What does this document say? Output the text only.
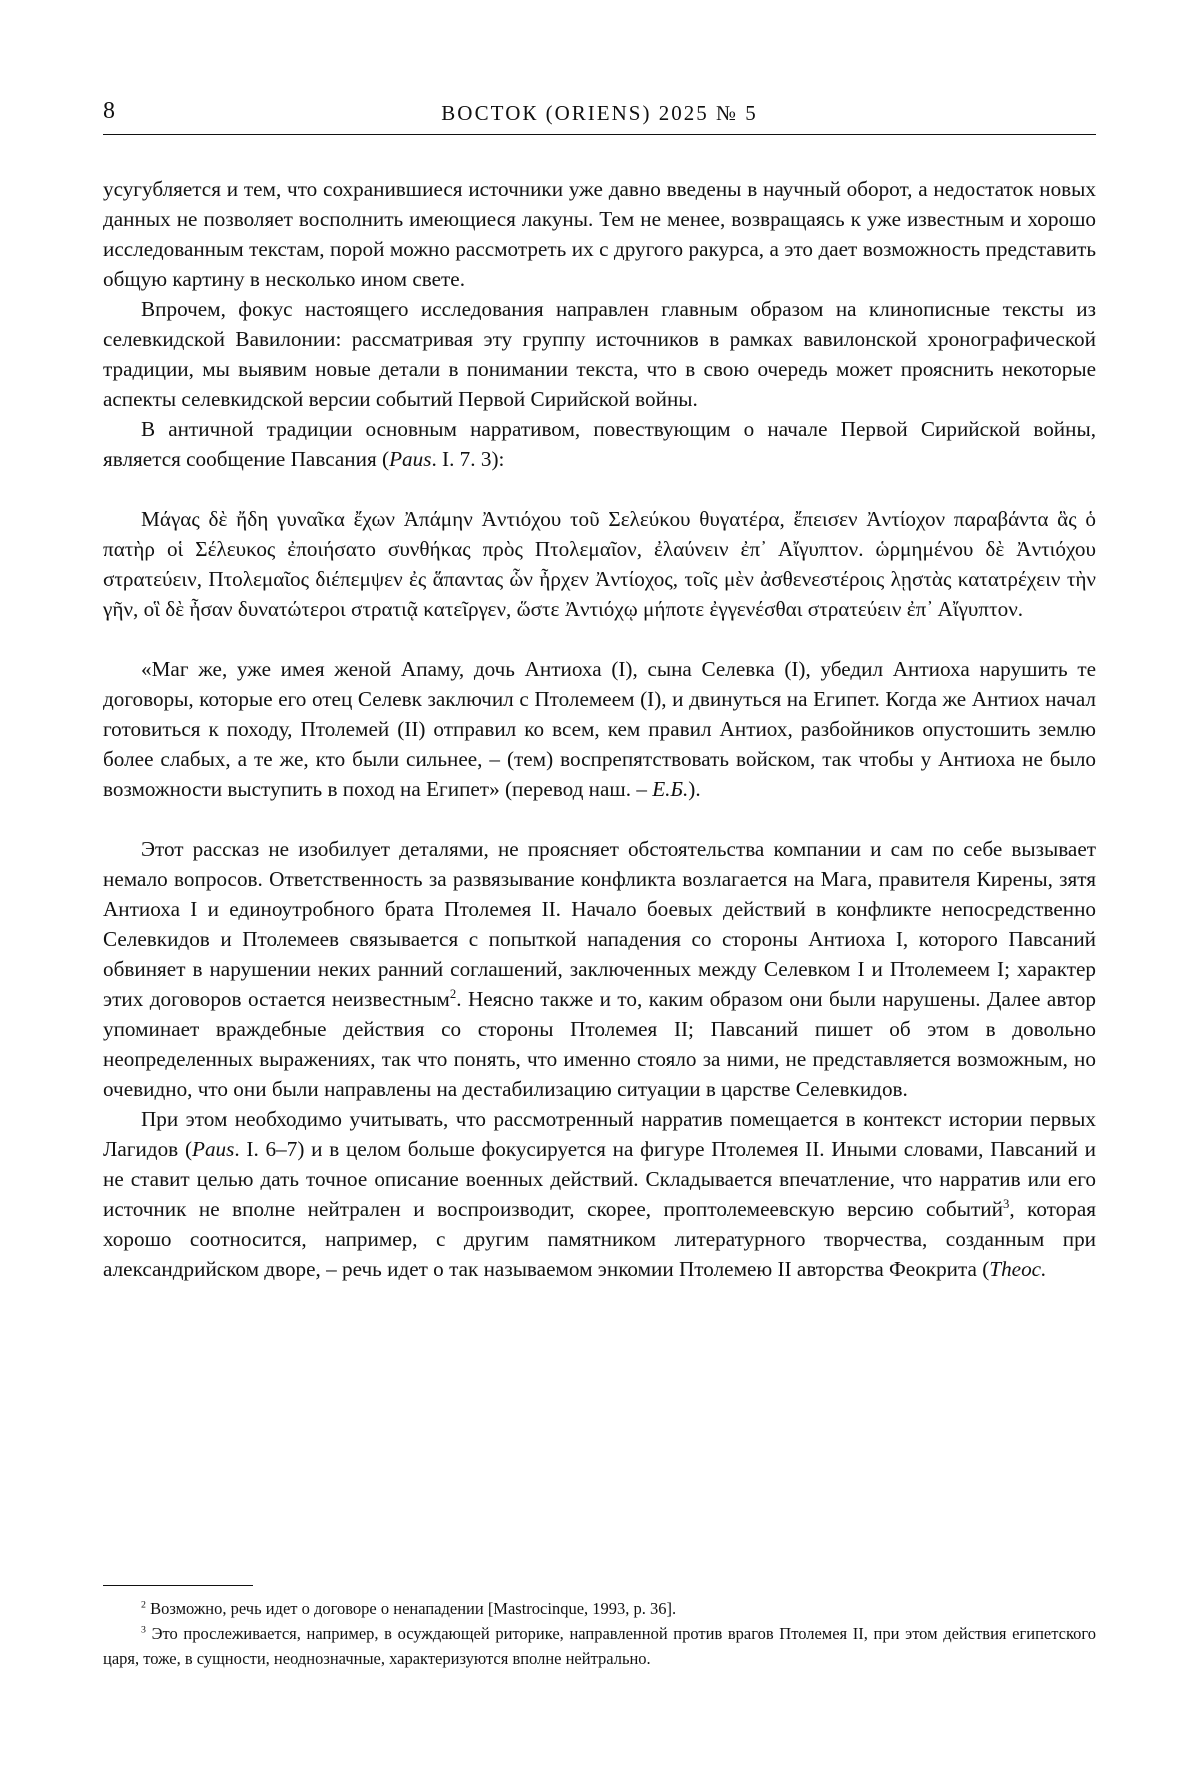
8	ВОСТОК (ORIENS) 2025 № 5

усугубляется и тем, что сохранившиеся источники уже давно введены в научный оборот, а недостаток новых данных не позволяет восполнить имеющиеся лакуны. Тем не менее, возвращаясь к уже известным и хорошо исследованным текстам, порой можно рассмотреть их с другого ракурса, а это дает возможность представить общую картину в несколько ином свете.

Впрочем, фокус настоящего исследования направлен главным образом на клинописные тексты из селевкидской Вавилонии: рассматривая эту группу источников в рамках вавилонской хронографической традиции, мы выявим новые детали в понимании текста, что в свою очередь может прояснить некоторые аспекты селевкидской версии событий Первой Сирийской войны.

В античной традиции основным нарративом, повествующим о начале Первой Сирийской войны, является сообщение Павсания (Paus. I. 7. 3):

Μάγας δὲ ἤδη γυναῖκα ἔχων Ἀπάμην Ἀντιόχου τοῦ Σελεύκου θυγατέρα, ἔπεισεν Ἀντίοχον παραβάντα ἃς ὁ πατὴρ οἱ Σέλευκος ἐποιήσατο συνθήκας πρὸς Πτολεμαῖον, ἐλαύνειν ἐπ᾽ Αἴγυπτον. ὡρμημένου δὲ Ἀντιόχου στρατεύειν, Πτολεμαῖος διέπεμψεν ἐς ἅπαντας ὧν ἦρχεν Ἀντίοχος, τοῖς μὲν ἀσθενεστέροις λῃστὰς κατατρέχειν τὴν γῆν, οἳ δὲ ἦσαν δυνατώτεροι στρατιᾷ κατεῖργεν, ὥστε Ἀντιόχῳ μήποτε ἐγγενέσθαι στρατεύειν ἐπ᾽ Αἴγυπτον.

«Маг же, уже имея женой Апаму, дочь Антиоха (I), сына Селевка (I), убедил Антиоха нарушить те договоры, которые его отец Селевк заключил с Птолемеем (I), и двинуться на Египет. Когда же Антиох начал готовиться к походу, Птолемей (II) отправил ко всем, кем правил Антиох, разбойников опустошить землю более слабых, а те же, кто были сильнее, – (тем) воспрепятствовать войском, так чтобы у Антиоха не было возможности выступить в поход на Египет» (перевод наш. – Е.Б.).

Этот рассказ не изобилует деталями, не проясняет обстоятельства компании и сам по себе вызывает немало вопросов. Ответственность за развязывание конфликта возлагается на Мага, правителя Кирены, зятя Антиоха I и единоутробного брата Птолемея II. Начало боевых действий в конфликте непосредственно Селевкидов и Птолемеев связывается с попыткой нападения со стороны Антиоха I, которого Павсаний обвиняет в нарушении неких ранний соглашений, заключенных между Селевком I и Птолемеем I; характер этих договоров остается неизвестным$^2$. Неясно также и то, каким образом они были нарушены. Далее автор упоминает враждебные действия со стороны Птолемея II; Павсаний пишет об этом в довольно неопределенных выражениях, так что понять, что именно стояло за ними, не представляется возможным, но очевидно, что они были направлены на дестабилизацию ситуации в царстве Селевкидов.

При этом необходимо учитывать, что рассмотренный нарратив помещается в контекст истории первых Лагидов (Paus. I. 6–7) и в целом больше фокусируется на фигуре Птолемея II. Иными словами, Павсаний и не ставит целью дать точное описание военных действий. Складывается впечатление, что нарратив или его источник не вполне нейтрален и воспроизводит, скорее, проптолемеевскую версию событий$^3$, которая хорошо соотносится, например, с другим памятником литературного творчества, созданным при александрийском дворе, – речь идет о так называемом энкомии Птолемею II авторства Феокрита (Theoc.

$^2$ Возможно, речь идет о договоре о ненападении [Mastrocinque, 1993, p. 36].

$^3$ Это прослеживается, например, в осуждающей риторике, направленной против врагов Птолемея II, при этом действия египетского царя, тоже, в сущности, неоднозначные, характеризуются вполне нейтрально.
